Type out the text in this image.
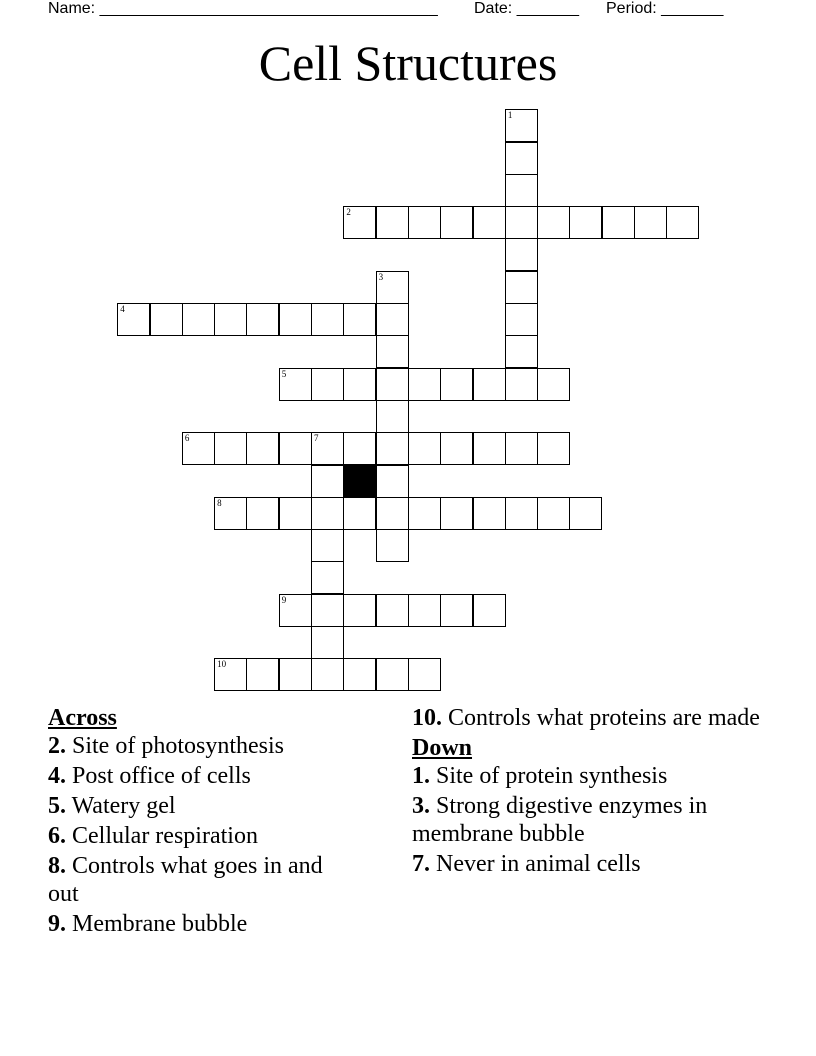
Name: ______________________________________

Date: _______

Period: _______

Cell Structures
1
2
3
4
5
6	7
8
9
10
Across
2. Site of photosynthesis
4. Post office of cells
5. Watery gel
6. Cellular respiration
8. Controls what goes in and out
9. Membrane bubble
10. Controls what proteins are made
Down
1. Site of protein synthesis
3. Strong digestive enzymes in membrane bubble
7. Never in animal cells
